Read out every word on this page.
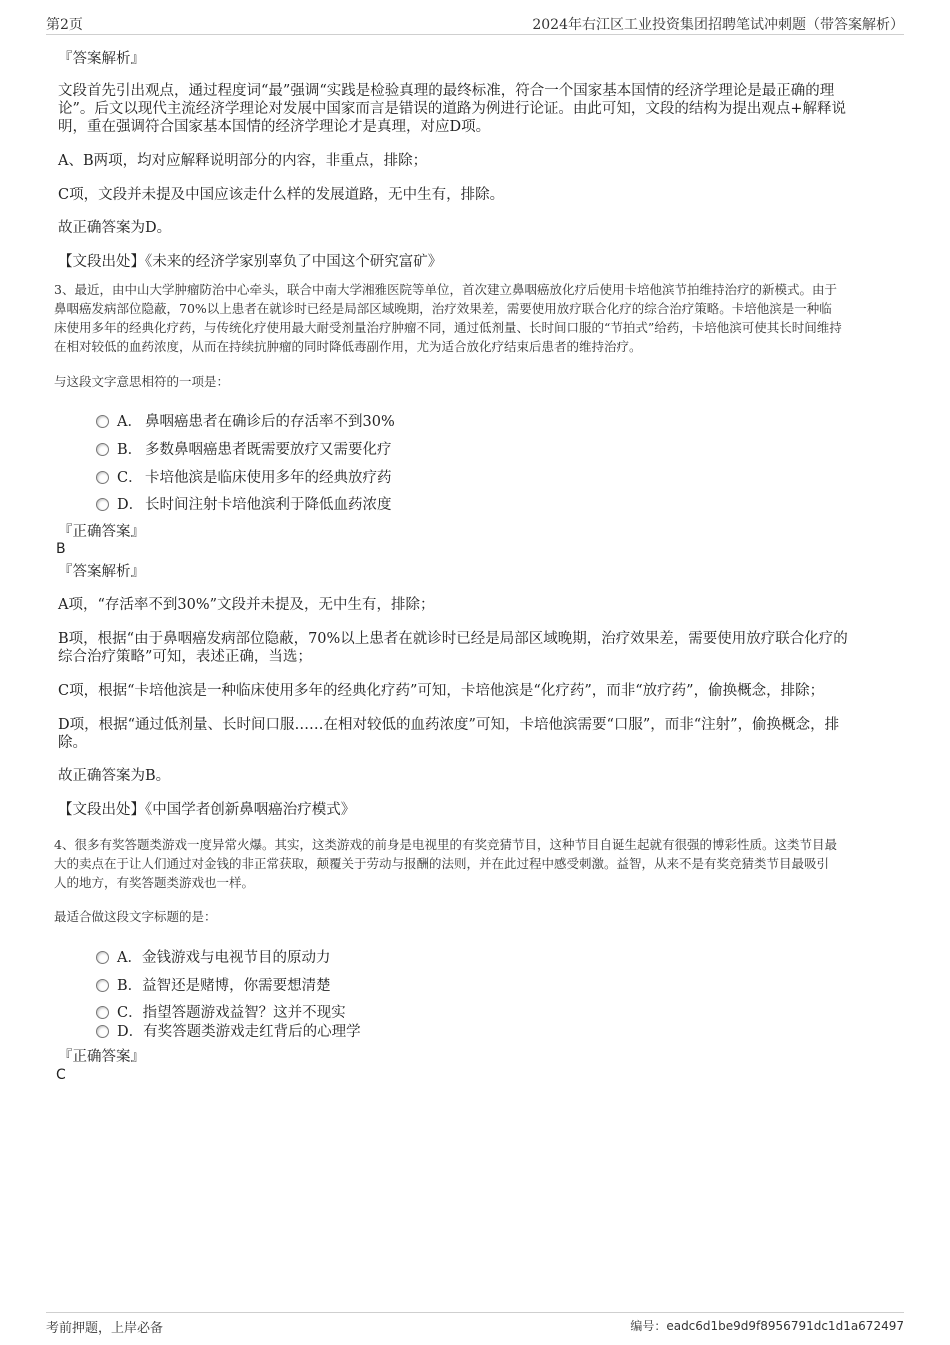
第2页	2024年右江区工业投资集团招聘笔试冲刺题（带答案解析）
『答案解析』
文段首先引出观点，通过程度词“最”强调“实践是检验真理的最终标准，符合一个国家基本国情的经济学理论是最正确的理
论”。后文以现代主流经济学理论对发展中国家而言是错误的道路为例进行论证。由此可知，文段的结构为提出观点+解释说
明，重在强调符合国家基本国情的经济学理论才是真理，对应D项。
A、B两项，均对应解释说明部分的内容，非重点，排除；
C项，文段并未提及中国应该走什么样的发展道路，无中生有，排除。
故正确答案为D。
【文段出处】《未来的经济学家别辜负了中国这个研究富矿》
3、最近，由中山大学肿瘤防治中心牵头，联合中南大学湘雅医院等单位，首次建立鼻咽癌放化疗后使用卡培他滨节拍维持治疗的新模式。由于
鼻咽癌发病部位隐蔽，70%以上患者在就诊时已经是局部区域晚期，治疗效果差，需要使用放疗联合化疗的综合治疗策略。卡培他滨是一种临
床使用多年的经典化疗药，与传统化疗使用最大耐受剂量治疗肿瘤不同，通过低剂量、长时间口服的“节拍式”给药，卡培他滨可使其长时间维持
在相对较低的血药浓度，从而在持续抗肿瘤的同时降低毒副作用，尤为适合放化疗结束后患者的维持治疗。
与这段文字意思相符的一项是：
A． 鼻咽癌患者在确诊后的存活率不到30%
B． 多数鼻咽癌患者既需要放疗又需要化疗
C． 卡培他滨是临床使用多年的经典放疗药
D． 长时间注射卡培他滨利于降低血药浓度
『正确答案』
B
『答案解析』
A项，“存活率不到30%”文段并未提及，无中生有，排除；
B项，根据“由于鼻咽癌发病部位隐蔽，70%以上患者在就诊时已经是局部区域晚期，治疗效果差，需要使用放疗联合化疗的
综合治疗策略”可知，表述正确，当选；
C项，根据“卡培他滨是一种临床使用多年的经典化疗药”可知，卡培他滨是“化疗药”，而非“放疗药”，偷换概念，排除；
D项，根据“通过低剂量、长时间口服……在相对较低的血药浓度”可知，卡培他滨需要“口服”，而非“注射”，偷换概念，排
除。
故正确答案为B。
【文段出处】《中国学者创新鼻咽癌治疗模式》
4、很多有奖答题类游戏一度异常火爆。其实，这类游戏的前身是电视里的有奖竞猜节目，这种节目自诞生起就有很强的博彩性质。这类节目最
大的卖点在于让人们通过对金钱的非正常获取，颠覆关于劳动与报酬的法则，并在此过程中感受刺激。益智，从来不是有奖竞猜类节目最吸引
人的地方，有奖答题类游戏也一样。
最适合做这段文字标题的是：
A．金钱游戏与电视节目的原动力
B．益智还是赌博，你需要想清楚
C．指望答题游戏益智？这并不现实
D．有奖答题类游戏走红背后的心理学
『正确答案』
C
考前押题，上岸必备	编号：eadc6d1be9d9f8956791dc1d1a672497
